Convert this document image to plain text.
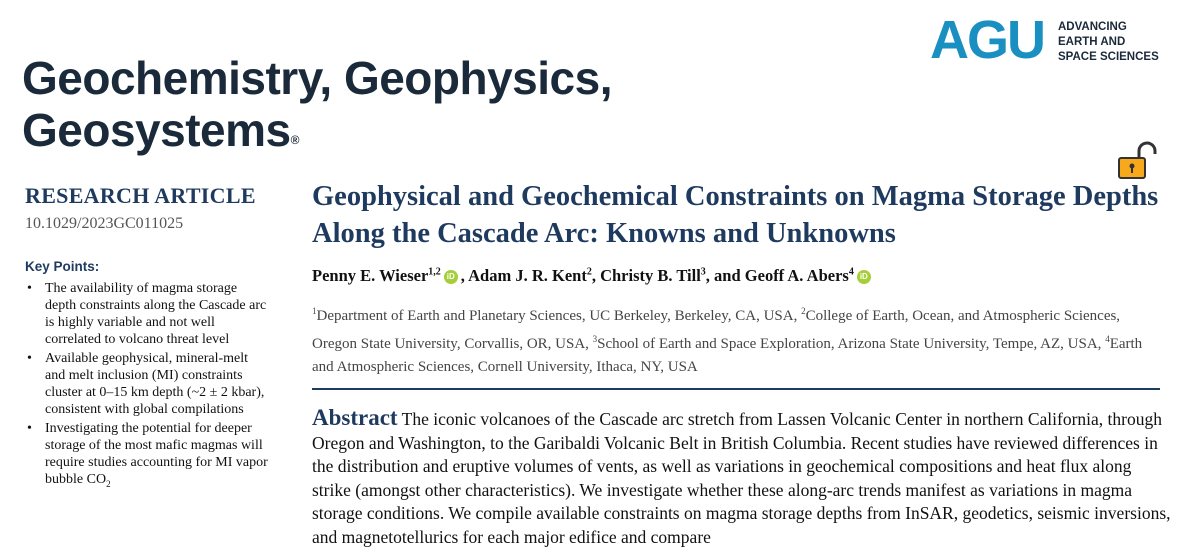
Geochemistry, Geophysics,
Geosystems®
AGU ADVANCING
EARTH AND
SPACE SCIENCES
RESEARCH ARTICLE
10.1029/2023GC011025
Key Points:
• The availability of magma storage depth constraints along the Cascade arc is highly variable and not well correlated to volcano threat level
• Available geophysical, mineral-melt and melt inclusion (MI) constraints cluster at 0–15 km depth (~2 ± 2 kbar), consistent with global compilations
• Investigating the potential for deeper storage of the most mafic magmas will require studies accounting for MI vapor bubble $CO_2$
Geophysical and Geochemical Constraints on Magma Storage Depths Along the Cascade Arc: Knowns and Unknowns
Penny E. Wieser$^{1,2}$ iD , Adam J. R. Kent$^2$, Christy B. Till$^3$, and Geoff A. Abers$^4$ iD
$^1$Department of Earth and Planetary Sciences, UC Berkeley, Berkeley, CA, USA, $^2$College of Earth, Ocean, and Atmospheric Sciences, Oregon State University, Corvallis, OR, USA, $^3$School of Earth and Space Exploration, Arizona State University, Tempe, AZ, USA, $^4$Earth and Atmospheric Sciences, Cornell University, Ithaca, NY, USA
Abstract The iconic volcanoes of the Cascade arc stretch from Lassen Volcanic Center in northern California, through Oregon and Washington, to the Garibaldi Volcanic Belt in British Columbia. Recent studies have reviewed differences in the distribution and eruptive volumes of vents, as well as variations in geochemical compositions and heat flux along strike (amongst other characteristics). We investigate whether these along-arc trends manifest as variations in magma storage conditions. We compile available constraints on magma storage depths from InSAR, geodetics, seismic inversions, and magnetotellurics for each major edifice and compare
